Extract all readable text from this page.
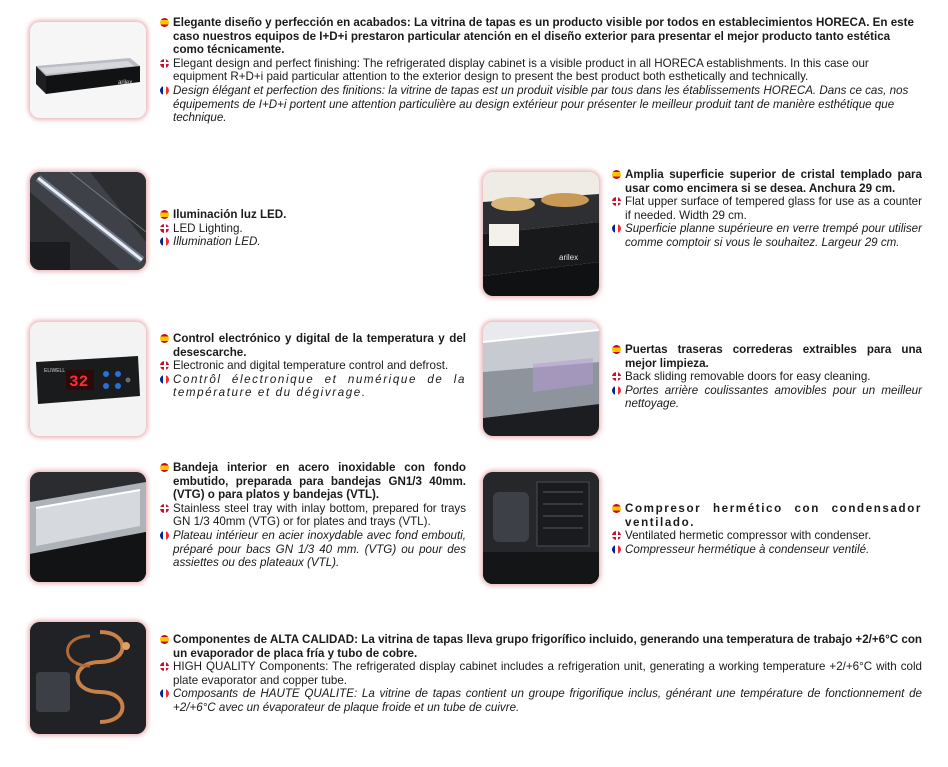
arilex
Elegante diseño y perfección en acabados: La vitrina de tapas es un producto visible por todos en establecimientos HORECA. En este caso nuestros equipos de I+D+i prestaron particular atención en el diseño exterior para presentar el mejor producto tanto estética como técnicamente.
Elegant design and perfect finishing: The refrigerated display cabinet is a visible product in all HORECA establishments. In this case our equipment R+D+i paid particular attention to the exterior design to present the best product both esthetically and technically.
Design élégant et perfection des finitions: la vitrine de tapas est un produit visible par tous dans les établissements HORECA. Dans ce cas, nos équipements de I+D+i portent une attention particulière au design extérieur pour présenter le meilleur produit tant de manière esthétique que technique.
Iluminación luz LED.
LED Lighting.
Illumination LED.
arilex
Amplia superficie superior de cristal templado para usar como encimera si se desea. Anchura 29 cm.
Flat upper surface of tempered glass for use as a counter if needed. Width 29 cm.
Superficie planne supérieure en verre trempé pour utiliser comme comptoir si vous le souhaitez. Largeur 29 cm.
ELIWELL
32
Control electrónico y digital de la temperatura y del desescarche.
Electronic and digital temperature control and defrost.
Contrôl électronique et numérique de la température et du dégivrage.
Puertas traseras correderas extraibles para una mejor limpieza.
Back sliding removable doors for easy cleaning.
Portes arrière coulissantes amovibles pour un meilleur nettoyage.
Bandeja interior en acero inoxidable con fondo embutido, preparada para bandejas GN1/3 40mm. (VTG) o para platos y bandejas (VTL).
Stainless steel tray with inlay bottom, prepared for trays GN 1/3 40mm (VTG) or for plates and trays (VTL).
Plateau intérieur en acier inoxydable avec fond embouti, préparé pour bacs GN 1/3 40 mm. (VTG) ou pour des assiettes ou des plateaux (VTL).
Compresor hermético con condensador ventilado.
Ventilated hermetic compressor with condenser.
Compresseur hermétique à condenseur ventilé.
Componentes de ALTA CALIDAD: La vitrina de tapas lleva grupo frigorífico incluido, generando una temperatura de trabajo +2/+6°C con un evaporador de placa fría y tubo de cobre.
HIGH QUALITY Components: The refrigerated display cabinet includes a refrigeration unit, generating a working temperature +2/+6°C with cold plate evaporator and copper tube.
Composants de HAUTE QUALITE: La vitrine de tapas contient un groupe frigorifique inclus, générant une température de fonctionnement de +2/+6°C avec un évaporateur de plaque froide et un tube de cuivre.
